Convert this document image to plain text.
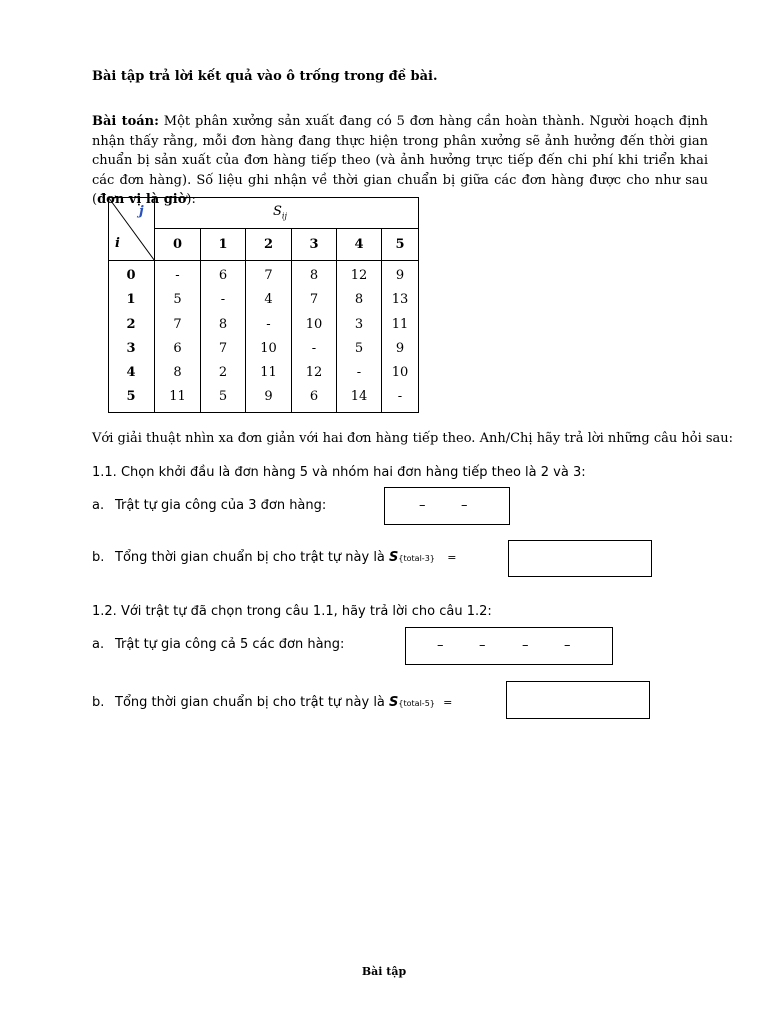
Bài tập trả lời kết quả vào ô trống trong đề bài.
Bài toán: Một phân xưởng sản xuất đang có 5 đơn hàng cần hoàn thành. Người hoạch định nhận thấy rằng, mỗi đơn hàng đang thực hiện trong phân xưởng sẽ ảnh hưởng đến thời gian chuẩn bị sản xuất của đơn hàng tiếp theo (và ảnh hưởng trực tiếp đến chi phí khi triển khai các đơn hàng). Số liệu ghi nhận về thời gian chuẩn bị giữa các đơn hàng được cho như sau (đơn vị là giờ):
j
i
$S_{ij}$
0	1	2	3	4	5
0	-	6	7	8	12	9
1	5	-	4	7	8	13
2	7	8	-	10	3	11
3	6	7	10	-	5	9
4	8	2	11	12	-	10
5	11	5	9	6	14	-
Với giải thuật nhìn xa đơn giản với hai đơn hàng tiếp theo. Anh/Chị hãy trả lời những câu hỏi sau:
1.1. Chọn khởi đầu là đơn hàng 5 và nhóm hai đơn hàng tiếp theo là 2 và 3:
a. Trật tự gia công của 3 đơn hàng:	–	–
b. Tổng thời gian chuẩn bị cho trật tự này là S{total-3} =
1.2. Với trật tự đã chọn trong câu 1.1, hãy trả lời cho câu 1.2:
a. Trật tự gia công cả 5 các đơn hàng:	–	–	–	–
b. Tổng thời gian chuẩn bị cho trật tự này là S{total-5} =
Bài tập
